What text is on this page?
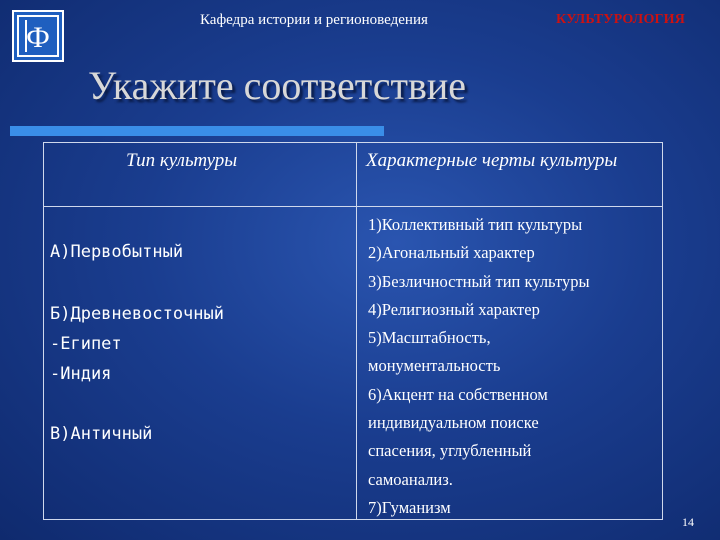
Ф
Кафедра истории и регионоведения	КУЛЬТУРОЛОГИЯ
Укажите соответствие
Тип культуры	Характерные черты культуры
А)Первобытный
Б)Древневосточный
-Египет
-Индия
В)Античный
1)Коллективный тип культуры
2)Агональный характер
3)Безличностный тип культуры
4)Религиозный характер
5)Масштабность,
монументальность
6)Акцент на собственном
индивидуальном поиске
спасения, углубленный
самоанализ.
7)Гуманизм
14
